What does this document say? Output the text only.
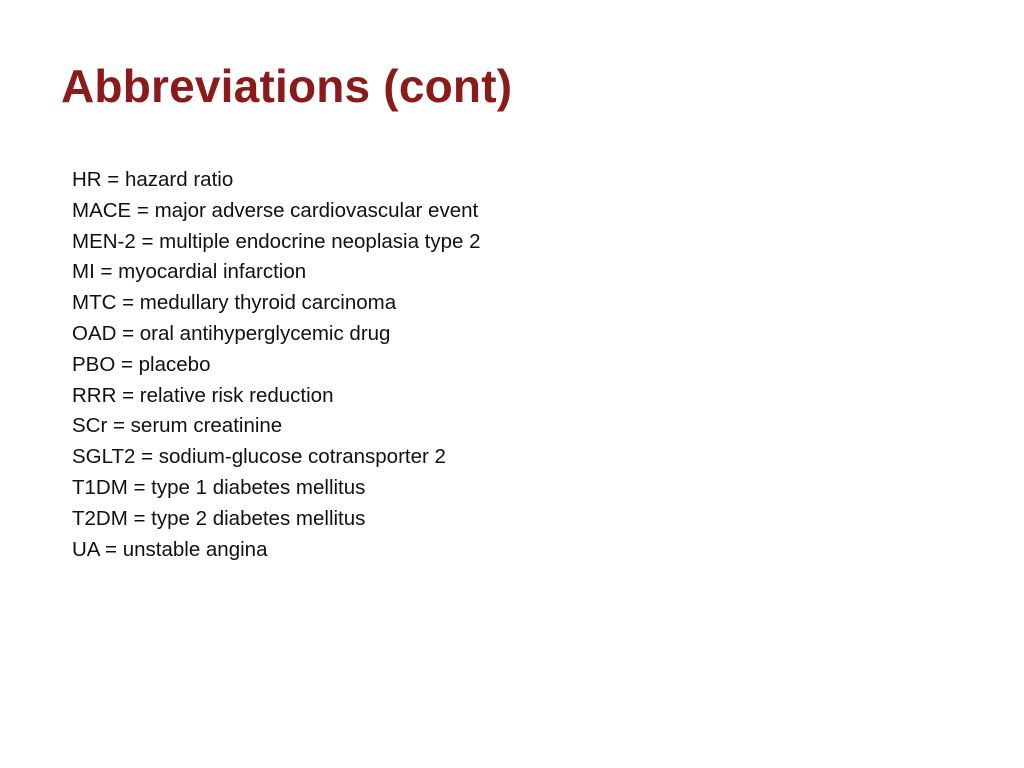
Abbreviations (cont)
HR = hazard ratio
MACE = major adverse cardiovascular event
MEN-2 = multiple endocrine neoplasia type 2
MI = myocardial infarction
MTC = medullary thyroid carcinoma
OAD = oral antihyperglycemic drug
PBO = placebo
RRR = relative risk reduction
SCr = serum creatinine
SGLT2 = sodium-glucose cotransporter 2
T1DM = type 1 diabetes mellitus
T2DM = type 2 diabetes mellitus
UA = unstable angina
